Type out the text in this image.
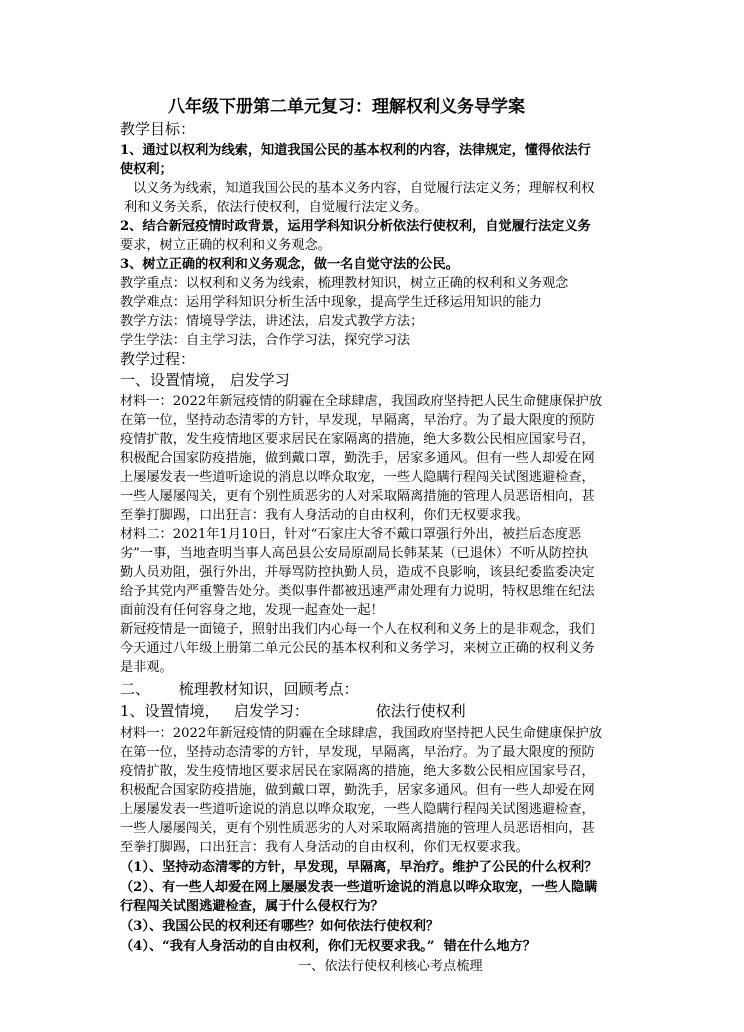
八年级下册第二单元复习：理解权利义务导学案
教学目标：
1、通过以权利为线索，知道我国公民的基本权利的内容，法律规定，懂得依法行
使权利；
以义务为线索，知道我国公民的基本义务内容，自觉履行法定义务；理解权利权
利和义务关系，依法行使权利，自觉履行法定义务。
2、结合新冠疫情时政背景，运用学科知识分析依法行使权利，自觉履行法定义务
要求，树立正确的权利和义务观念。
3、树立正确的权利和义务观念，做一名自觉守法的公民。
教学重点：以权利和义务为线索，梳理教材知识，树立正确的权利和义务观念
教学难点：运用学科知识分析生活中现象，提高学生迁移运用知识的能力
教学方法：情境导学法，讲述法，启发式教学方法；
学生学法：自主学习法，合作学习法，探究学习法
教学过程：
一、设置情境， 启发学习
材料一：2022年新冠疫情的阴霾在全球肆虐，我国政府坚持把人民生命健康保护放
在第一位，坚持动态清零的方针，早发现，早隔离，早治疗。为了最大限度的预防
疫情扩散，发生疫情地区要求居民在家隔离的措施，绝大多数公民相应国家号召，
积极配合国家防疫措施，做到戴口罩，勤洗手，居家多通风。但有一些人却爱在网
上屡屡发表一些道听途说的消息以哗众取宠，一些人隐瞒行程闯关试图逃避检查，
一些人屡屡闯关，更有个别性质恶劣的人对采取隔离措施的管理人员恶语相向，甚
至拳打脚踢，口出狂言：我有人身活动的自由权利，你们无权要求我。
材料二：2021年1月10日，针对“石家庄大爷不戴口罩强行外出，被拦后态度恶
劣”一事，当地查明当事人高邑县公安局原副局长韩某某（已退休）不听从防控执
勤人员劝阻，强行外出，并辱骂防控执勤人员，造成不良影响，该县纪委监委决定
给予其党内严重警告处分。类似事件都被迅速严肃处理有力说明，特权思维在纪法
面前没有任何容身之地，发现一起查处一起！
新冠疫情是一面镜子，照射出我们内心每一个人在权利和义务上的是非观念，我们
今天通过八年级上册第二单元公民的基本权利和义务学习，来树立正确的权利义务
是非观。
二、      梳理教材知识，回顾考点：
1、设置情境，   启发学习：              依法行使权利
材料一：2022年新冠疫情的阴霾在全球肆虐，我国政府坚持把人民生命健康保护放
在第一位，坚持动态清零的方针，早发现，早隔离，早治疗。为了最大限度的预防
疫情扩散，发生疫情地区要求居民在家隔离的措施，绝大多数公民相应国家号召，
积极配合国家防疫措施，做到戴口罩，勤洗手，居家多通风。但有一些人却爱在网
上屡屡发表一些道听途说的消息以哗众取宠，一些人隐瞒行程闯关试图逃避检查，
一些人屡屡闯关，更有个别性质恶劣的人对采取隔离措施的管理人员恶语相向，甚
至拳打脚踢，口出狂言：我有人身活动的自由权利，你们无权要求我。
（1）、坚持动态清零的方针，早发现，早隔离，早治疗。维护了公民的什么权利？
（2）、有一些人却爱在网上屡屡发表一些道听途说的消息以哗众取宠，一些人隐瞒
行程闯关试图逃避检查，属于什么侵权行为？
（3）、我国公民的权利还有哪些？如何依法行使权利？
（4）、“我有人身活动的自由权利，你们无权要求我。”  错在什么地方？
一、依法行使权利核心考点梳理
